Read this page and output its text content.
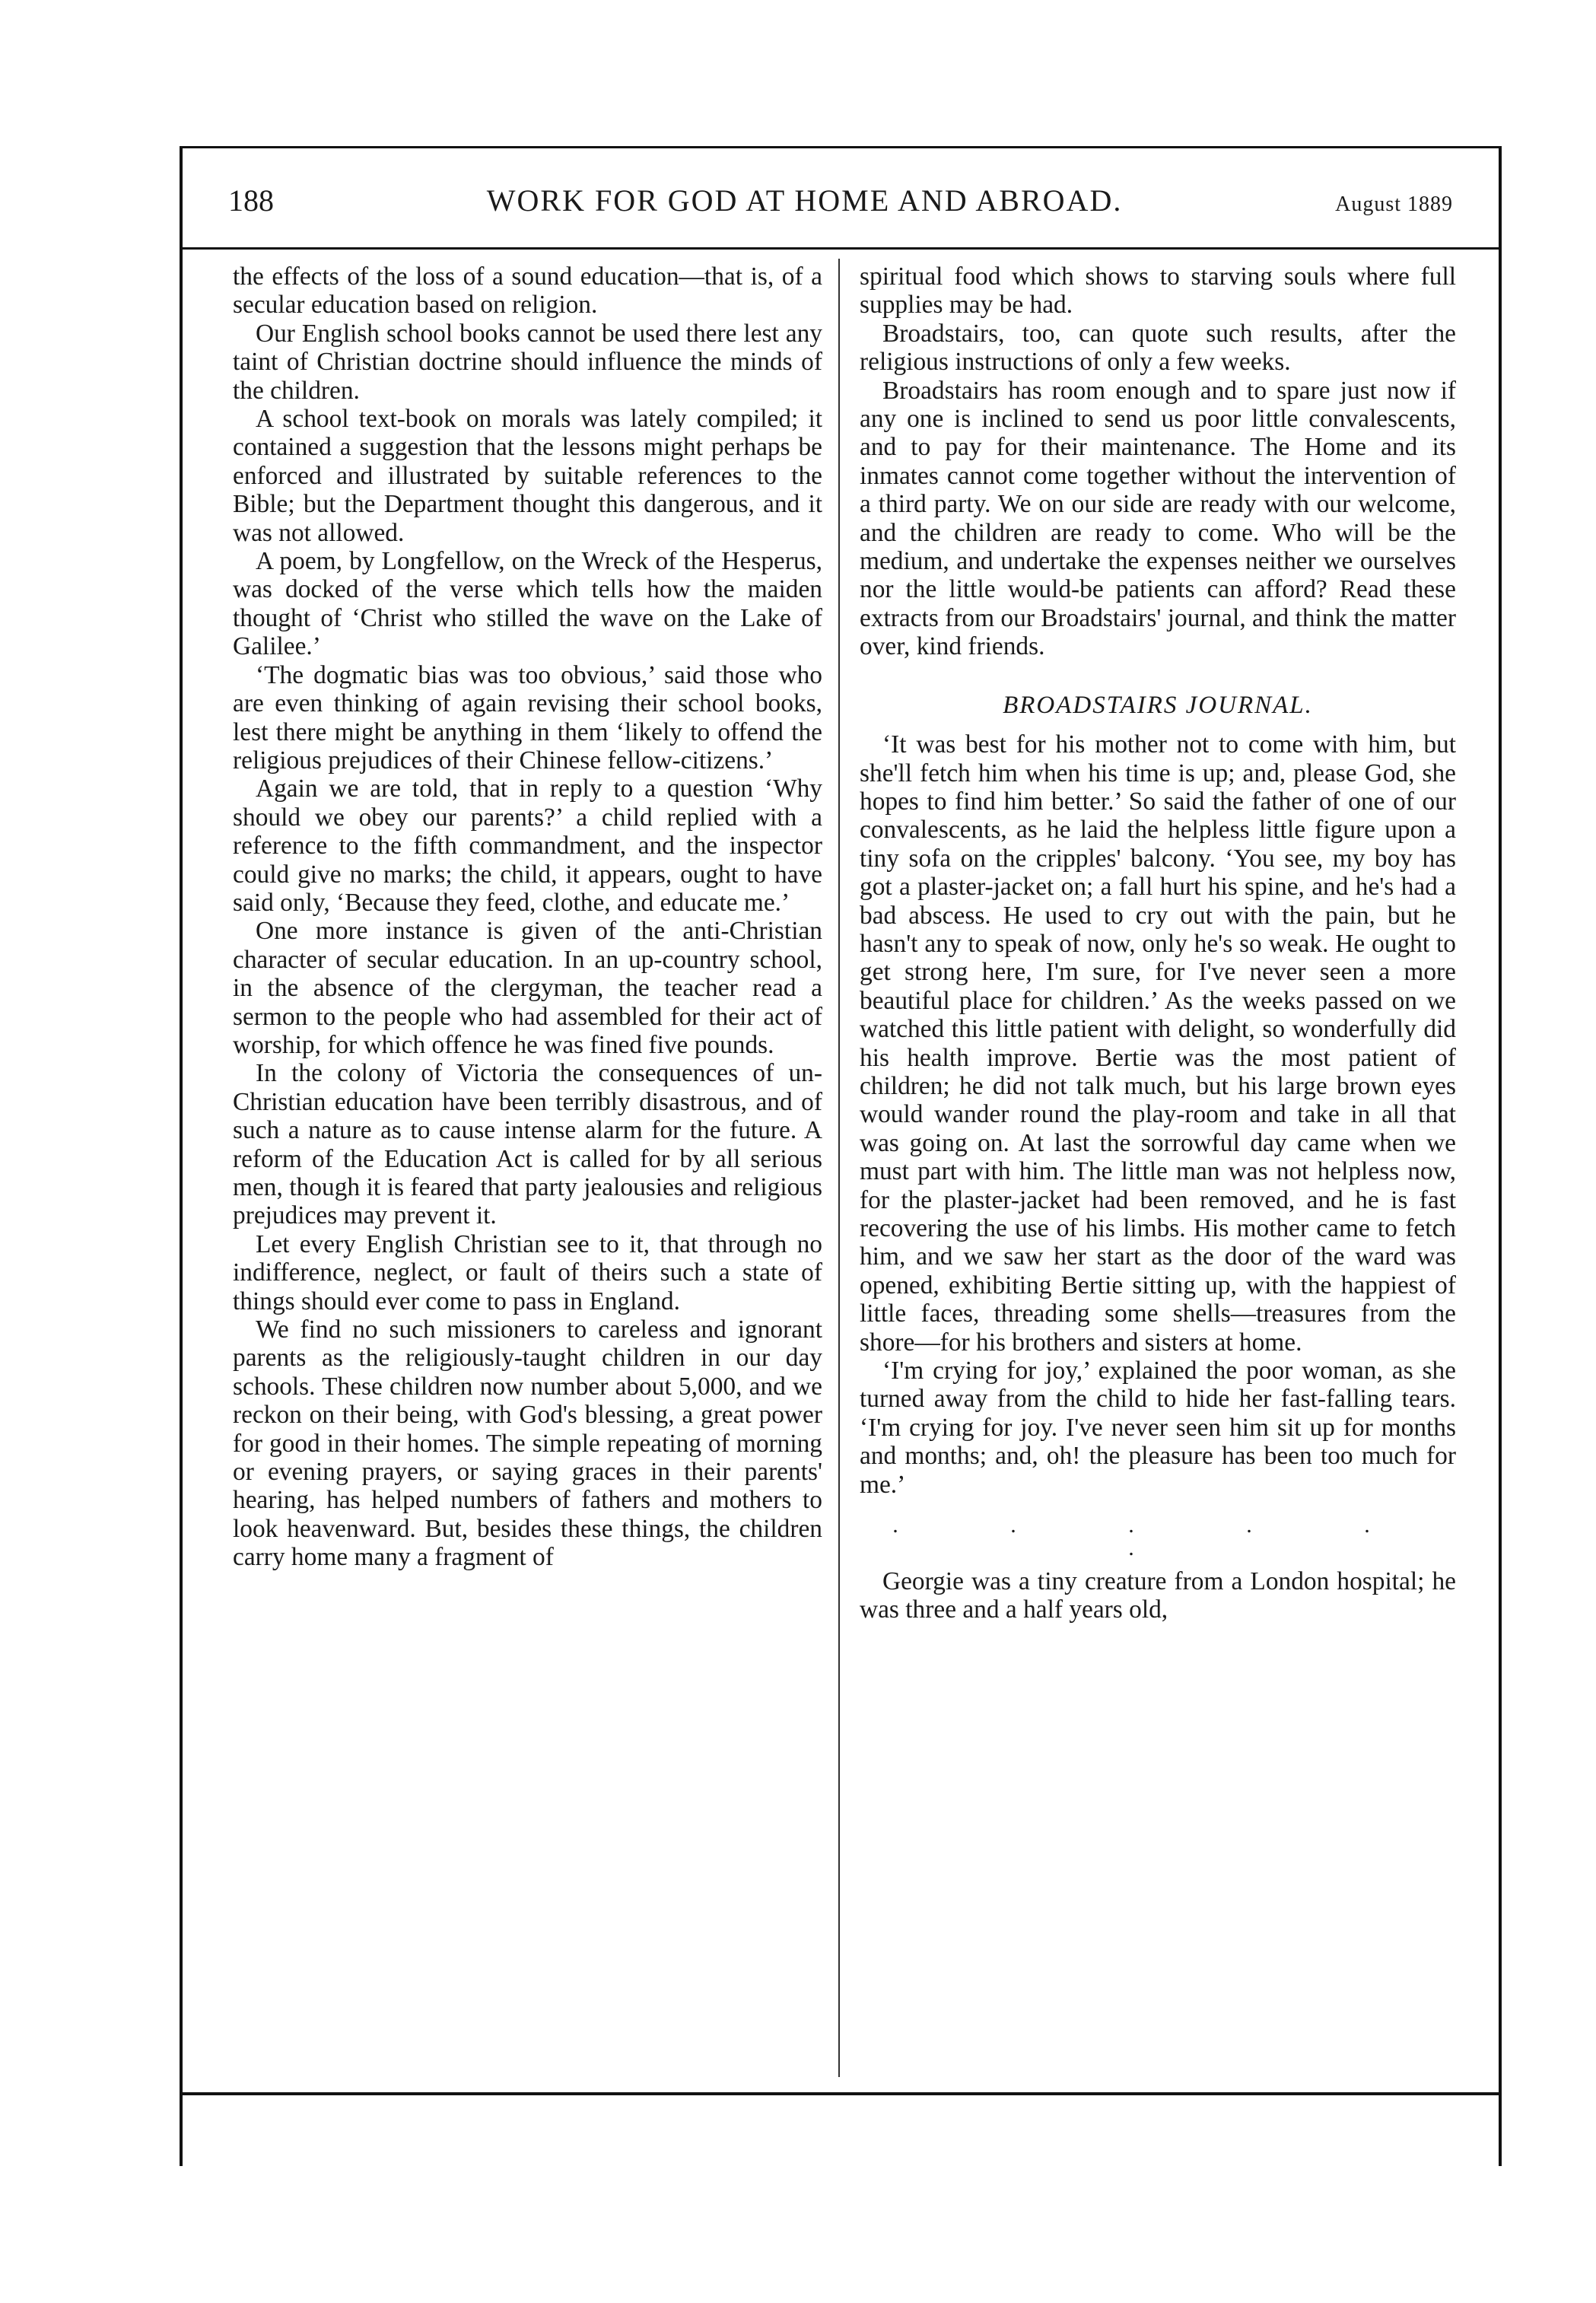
188	WORK FOR GOD AT HOME AND ABROAD.	August 1889

the effects of the loss of a sound education—that is, of a secular education based on religion.

Our English school books cannot be used there lest any taint of Christian doctrine should influence the minds of the children.

A school text-book on morals was lately compiled; it contained a suggestion that the lessons might perhaps be enforced and illustrated by suitable references to the Bible; but the Department thought this dangerous, and it was not allowed.

A poem, by Longfellow, on the Wreck of the Hesperus, was docked of the verse which tells how the maiden thought of ‘Christ who stilled the wave on the Lake of Galilee.’

‘The dogmatic bias was too obvious,’ said those who are even thinking of again revising their school books, lest there might be anything in them ‘likely to offend the religious prejudices of their Chinese fellow-citizens.’

Again we are told, that in reply to a question ‘Why should we obey our parents?’ a child replied with a reference to the fifth commandment, and the inspector could give no marks; the child, it appears, ought to have said only, ‘Because they feed, clothe, and educate me.’

One more instance is given of the anti-Christian character of secular education. In an up-country school, in the absence of the clergyman, the teacher read a sermon to the people who had assembled for their act of worship, for which offence he was fined five pounds.

In the colony of Victoria the consequences of un-Christian education have been terribly disastrous, and of such a nature as to cause intense alarm for the future. A reform of the Education Act is called for by all serious men, though it is feared that party jealousies and religious prejudices may prevent it.

Let every English Christian see to it, that through no indifference, neglect, or fault of theirs such a state of things should ever come to pass in England.

We find no such missioners to careless and ignorant parents as the religiously-taught children in our day schools. These children now number about 5,000, and we reckon on their being, with God's blessing, a great power for good in their homes. The simple repeating of morning or evening prayers, or saying graces in their parents' hearing, has helped numbers of fathers and mothers to look heavenward. But, besides these things, the children carry home many a fragment of

spiritual food which shows to starving souls where full supplies may be had.

Broadstairs, too, can quote such results, after the religious instructions of only a few weeks.

Broadstairs has room enough and to spare just now if any one is inclined to send us poor little convalescents, and to pay for their maintenance. The Home and its inmates cannot come together without the intervention of a third party. We on our side are ready with our welcome, and the children are ready to come. Who will be the medium, and undertake the expenses neither we ourselves nor the little would-be patients can afford? Read these extracts from our Broadstairs' journal, and think the matter over, kind friends.

BROADSTAIRS JOURNAL.

‘It was best for his mother not to come with him, but she'll fetch him when his time is up; and, please God, she hopes to find him better.’ So said the father of one of our convalescents, as he laid the helpless little figure upon a tiny sofa on the cripples' balcony. ‘You see, my boy has got a plaster-jacket on; a fall hurt his spine, and he's had a bad abscess. He used to cry out with the pain, but he hasn't any to speak of now, only he's so weak. He ought to get strong here, I'm sure, for I've never seen a more beautiful place for children.’ As the weeks passed on we watched this little patient with delight, so wonderfully did his health improve. Bertie was the most patient of children; he did not talk much, but his large brown eyes would wander round the play-room and take in all that was going on. At last the sorrowful day came when we must part with him. The little man was not helpless now, for the plaster-jacket had been removed, and he is fast recovering the use of his limbs. His mother came to fetch him, and we saw her start as the door of the ward was opened, exhibiting Bertie sitting up, with the happiest of little faces, threading some shells—treasures from the shore—for his brothers and sisters at home.

‘I'm crying for joy,’ explained the poor woman, as she turned away from the child to hide her fast-falling tears. ‘I'm crying for joy. I've never seen him sit up for months and months; and, oh! the pleasure has been too much for me.’

. . . . . .

Georgie was a tiny creature from a London hospital; he was three and a half years old,
